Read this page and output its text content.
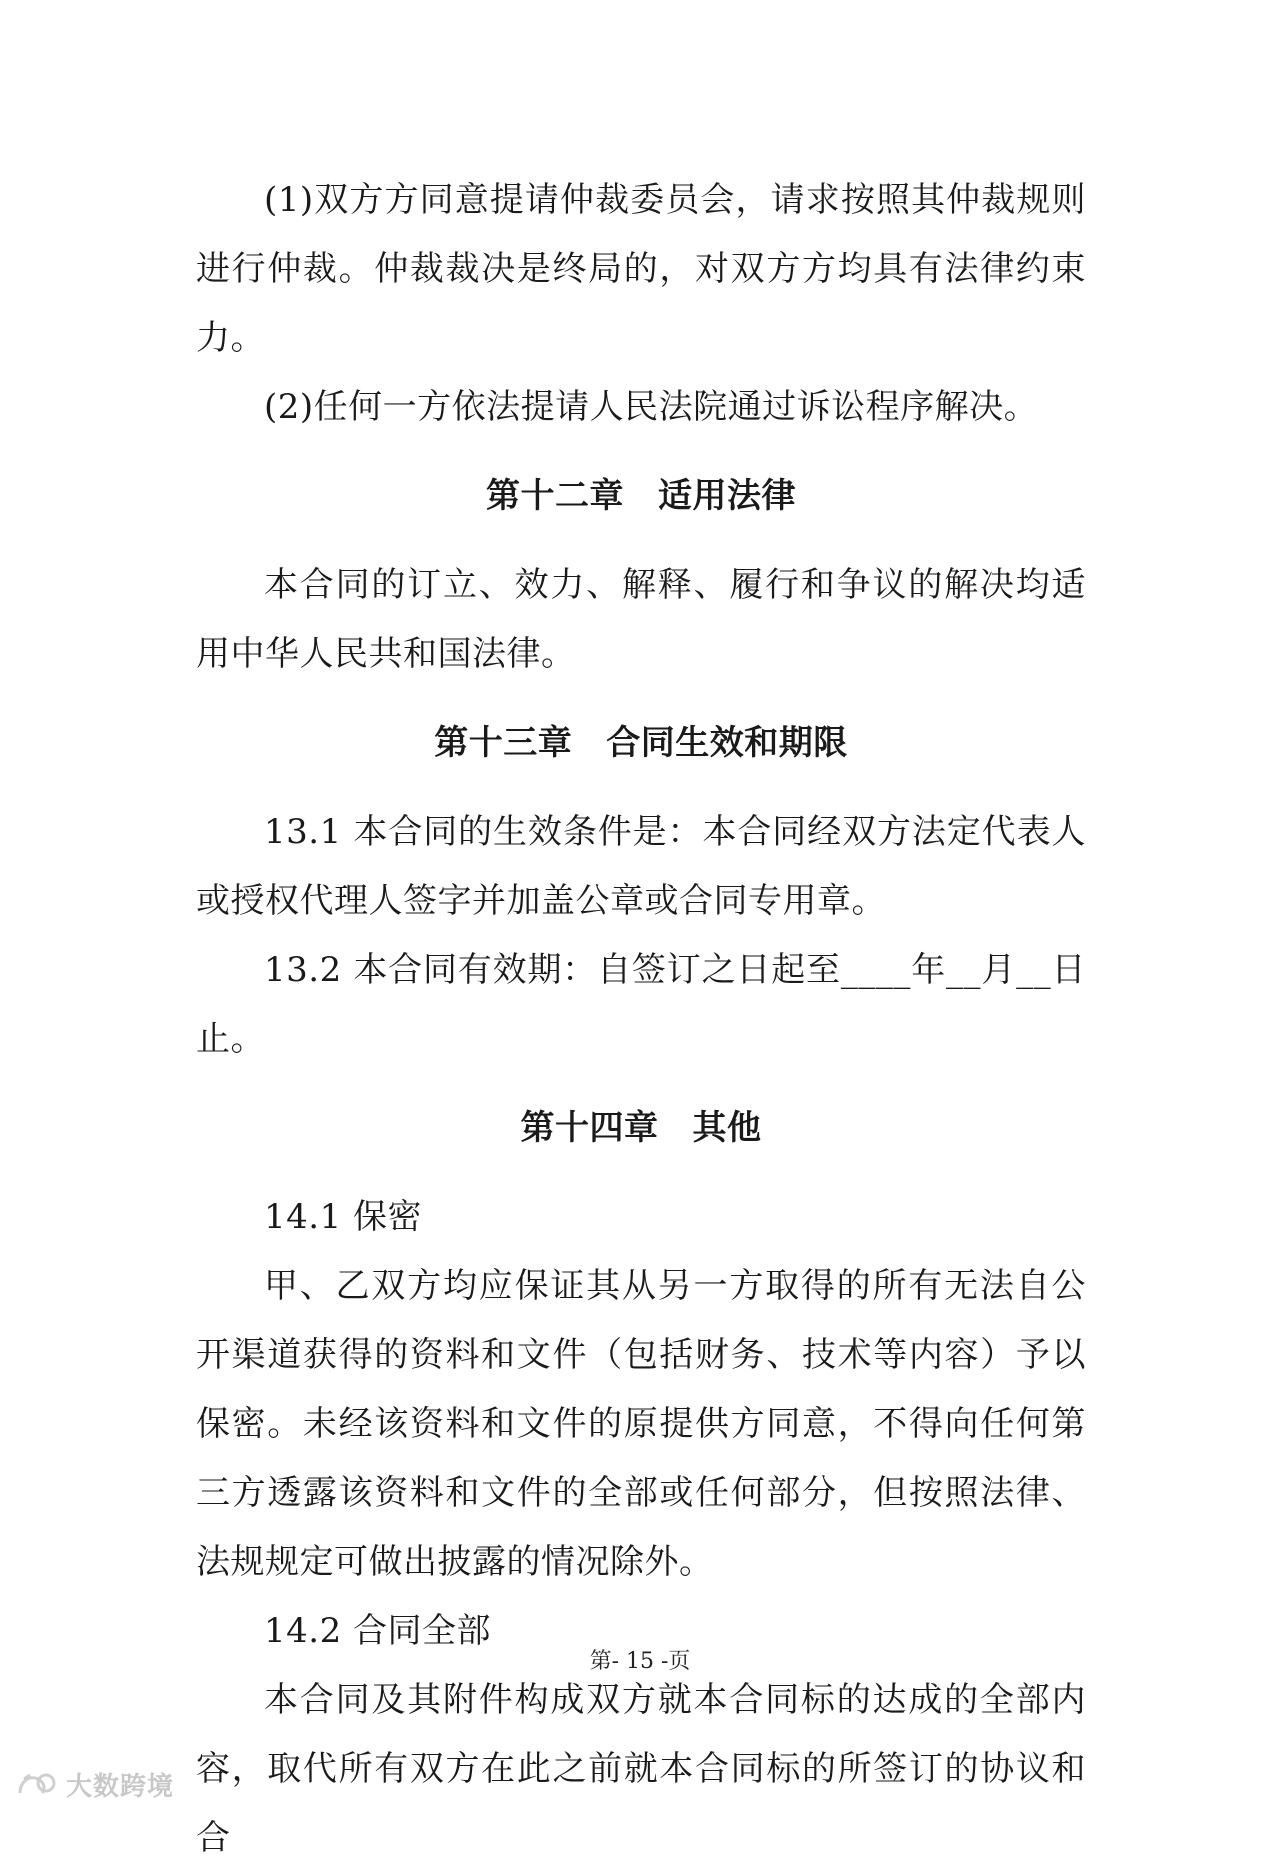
(1)双方方同意提请仲裁委员会，请求按照其仲裁规则进行仲裁。仲裁裁决是终局的，对双方方均具有法律约束力。

(2)任何一方依法提请人民法院通过诉讼程序解决。

第十二章 适用法律

本合同的订立、效力、解释、履行和争议的解决均适用中华人民共和国法律。

第十三章 合同生效和期限

13.1 本合同的生效条件是：本合同经双方法定代表人或授权代理人签字并加盖公章或合同专用章。

13.2 本合同有效期：自签订之日起至____年__月__日止。

第十四章 其他

14.1 保密

甲、乙双方均应保证其从另一方取得的所有无法自公开渠道获得的资料和文件（包括财务、技术等内容）予以保密。未经该资料和文件的原提供方同意，不得向任何第三方透露该资料和文件的全部或任何部分，但按照法律、法规规定可做出披露的情况除外。

14.2 合同全部

本合同及其附件构成双方就本合同标的达成的全部内容，取代所有双方在此之前就本合同标的所签订的协议和合

第- 15 -页
大数跨境
